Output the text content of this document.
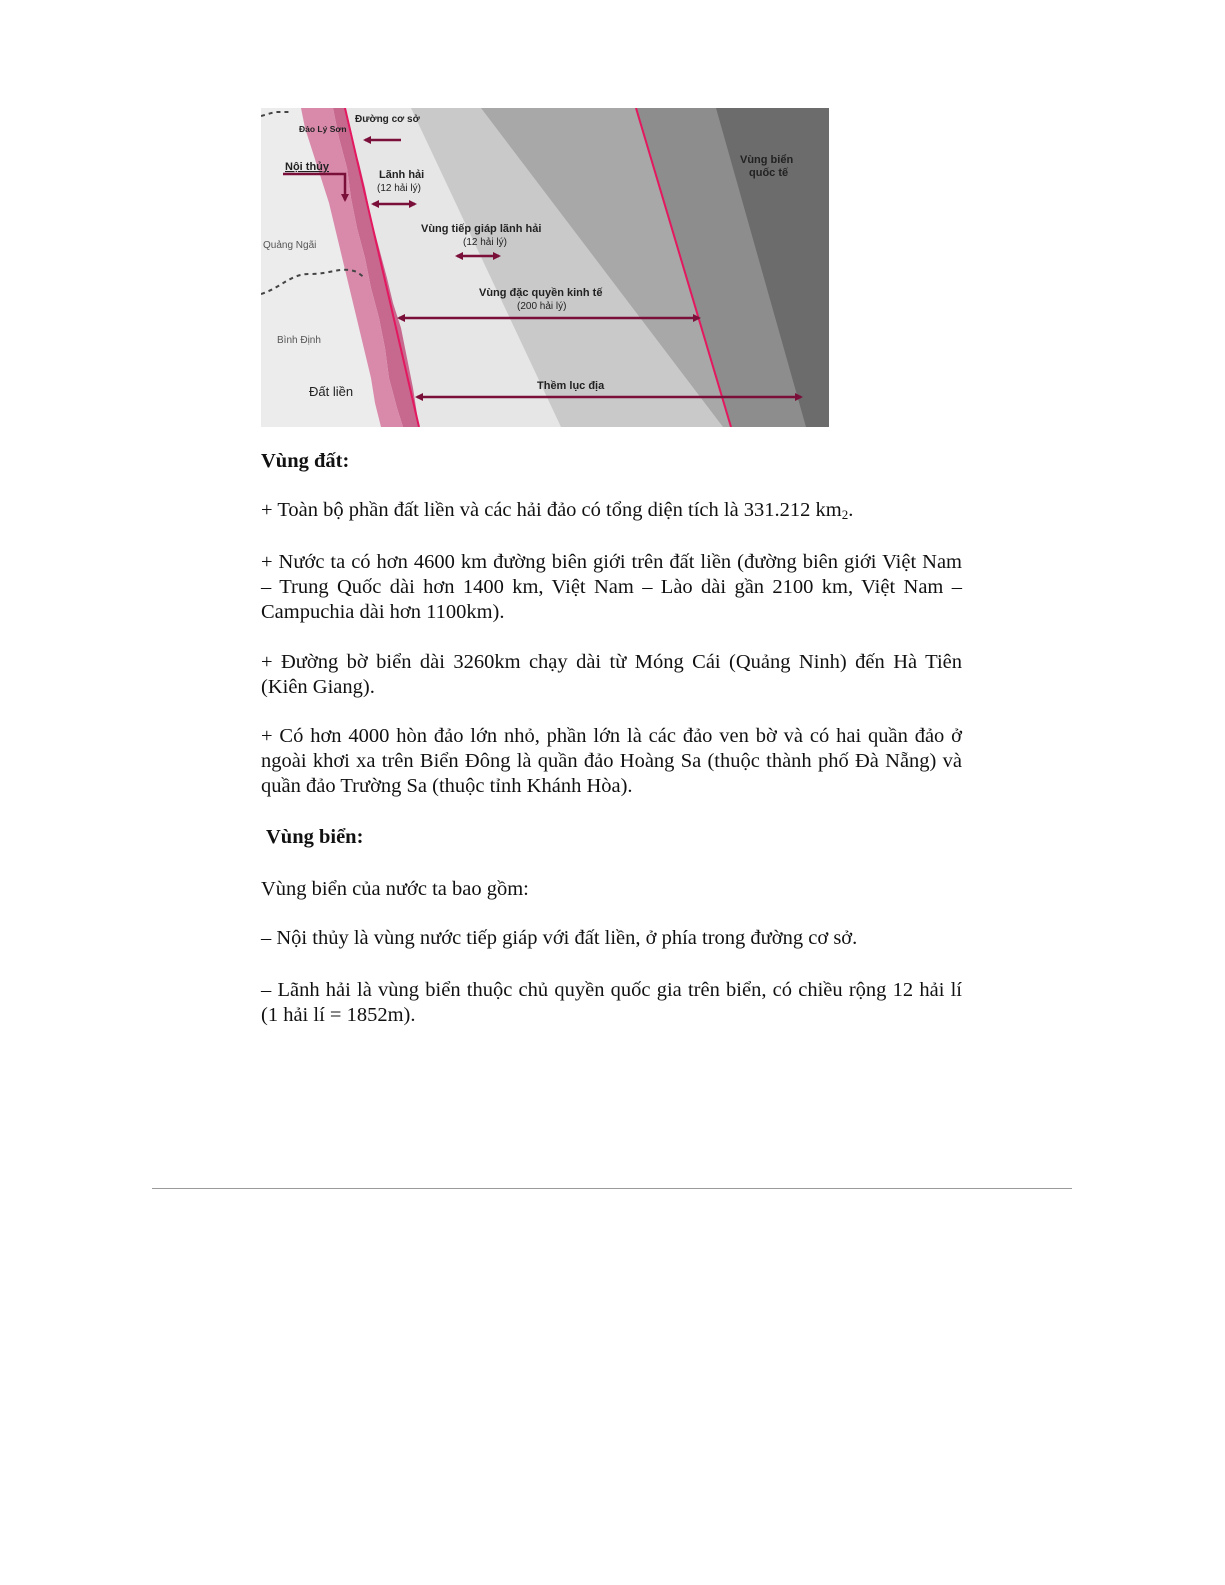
Đường cơ sở
Đảo Lý Sơn
Nội thủy
Lãnh hải
(12 hải lý)
Vùng tiếp giáp lãnh hải
(12 hải lý)
Vùng đặc quyền kinh tế
(200 hải lý)
Thềm lục địa
Vùng biển
quốc tế
Quảng Ngãi
Bình Định
Đất liền
Vùng đất:

+ Toàn bộ phần đất liền và các hải đảo có tổng diện tích là 331.212 $km_2$.

+ Nước ta có hơn 4600 km đường biên giới trên đất liền (đường biên giới Việt Nam – Trung Quốc dài hơn 1400 km, Việt Nam – Lào dài gần 2100 km, Việt Nam – Campuchia dài hơn 1100km).

+ Đường bờ biển dài 3260km chạy dài từ Móng Cái (Quảng Ninh) đến Hà Tiên (Kiên Giang).

+ Có hơn 4000 hòn đảo lớn nhỏ, phần lớn là các đảo ven bờ và có hai quần đảo ở ngoài khơi xa trên Biển Đông là quần đảo Hoàng Sa (thuộc thành phố Đà Nẵng) và quần đảo Trường Sa (thuộc tỉnh Khánh Hòa).

Vùng biển:

Vùng biển của nước ta bao gồm:

– Nội thủy là vùng nước tiếp giáp với đất liền, ở phía trong đường cơ sở.

– Lãnh hải là vùng biển thuộc chủ quyền quốc gia trên biển, có chiều rộng 12 hải lí (1 hải lí = 1852m).
